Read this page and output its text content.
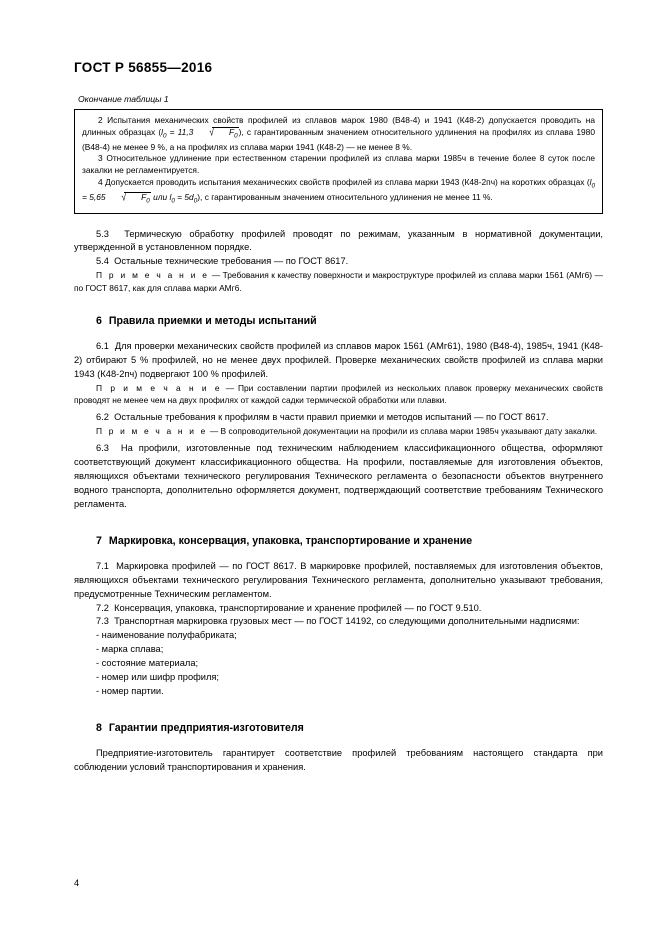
ГОСТ Р 56855—2016
Окончание таблицы 1

2 Испытания механических свойств профилей из сплавов марок 1980 (В48-4) и 1941 (К48-2) допускается проводить на длинных образцах ($l_0 = 11,3$ √ $F_0$), с гарантированным значением относительного удлинения на профилях из сплава 1980 (В48-4) не менее 9 %, а на профилях из сплава марки 1941 (К48-2) — не менее 8 %.

3 Относительное удлинение при естественном старении профилей из сплава марки 1985ч в течение более 8 суток после закалки не регламентируется.

4 Допускается проводить испытания механических свойств профилей из сплава марки 1943 (К48-2пч) на коротких образцах ($l_0 = 5,65$ √ $F_0$ или $l_0 = 5d_0$), с гарантированным значением относительного удлинения не менее 11 %.

5.3 Термическую обработку профилей проводят по режимам, указанным в нормативной документации, утвержденной в установленном порядке.

5.4 Остальные технические требования — по ГОСТ 8617.

П р и м е ч а н и е — Требования к качеству поверхности и макроструктуре профилей из сплава марки 1561 (АМг6) — по ГОСТ 8617, как для сплава марки АМг6.

6 Правила приемки и методы испытаний

6.1 Для проверки механических свойств профилей из сплавов марок 1561 (АМг61), 1980 (В48-4), 1985ч, 1941 (К48-2) отбирают 5 % профилей, но не менее двух профилей. Проверке механических свойств профилей из сплава марки 1943 (К48-2пч) подвергают 100 % профилей.

П р и м е ч а н и е — При составлении партии профилей из нескольких плавок проверку механических свойств проводят не менее чем на двух профилях от каждой садки термической обработки или плавки.

6.2 Остальные требования к профилям в части правил приемки и методов испытаний — по ГОСТ 8617.

П р и м е ч а н и е — В сопроводительной документации на профили из сплава марки 1985ч указывают дату закалки.

6.3 На профили, изготовленные под техническим наблюдением классификационного общества, оформляют соответствующий документ классификационного общества. На профили, поставляемые для изготовления объектов, являющихся объектами технического регулирования Технического регламента о безопасности объектов внутреннего водного транспорта, дополнительно оформляется документ, подтверждающий соответствие требованиям Технического регламента.

7 Маркировка, консервация, упаковка, транспортирование и хранение

7.1 Маркировка профилей — по ГОСТ 8617. В маркировке профилей, поставляемых для изготовления объектов, являющихся объектами технического регулирования Технического регламента, дополнительно указывают требования, предусмотренные Техническим регламентом.

7.2 Консервация, упаковка, транспортирование и хранение профилей — по ГОСТ 9.510.

7.3 Транспортная маркировка грузовых мест — по ГОСТ 14192, со следующими дополнительными надписями:

- наименование полуфабриката;
- марка сплава;
- состояние материала;
- номер или шифр профиля;
- номер партии.
8 Гарантии предприятия-изготовителя

Предприятие-изготовитель гарантирует соответствие профилей требованиям настоящего стандарта при соблюдении условий транспортирования и хранения.

4
